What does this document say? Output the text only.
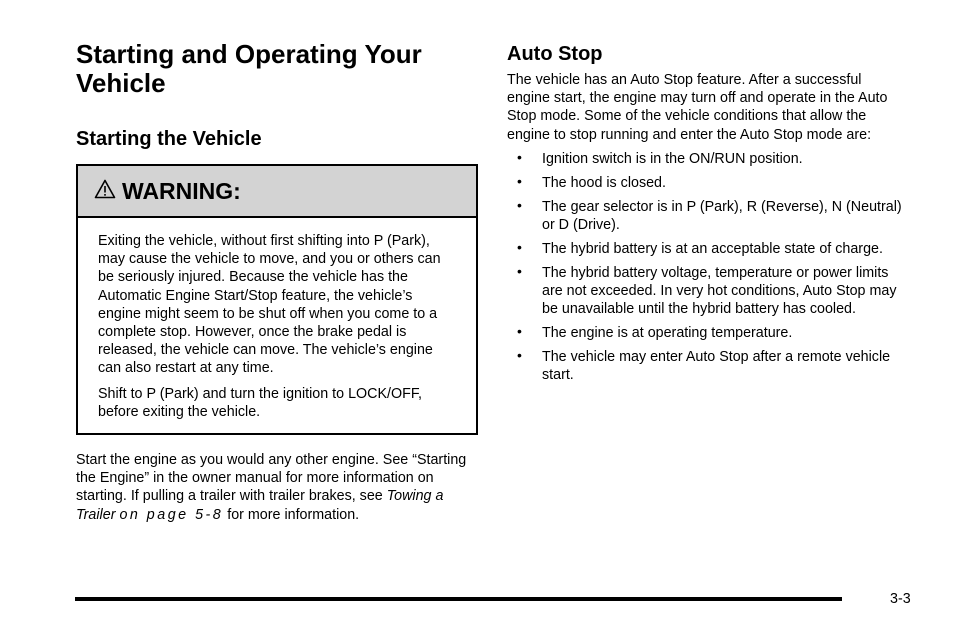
Starting and Operating Your Vehicle
Starting the Vehicle
WARNING:

Exiting the vehicle, without first shifting into P (Park), may cause the vehicle to move, and you or others can be seriously injured. Because the vehicle has the Automatic Engine Start/Stop feature, the vehicle’s engine might seem to be shut off when you come to a complete stop. However, once the brake pedal is released, the vehicle can move. The vehicle’s engine can also restart at any time.

Shift to P (Park) and turn the ignition to LOCK/OFF, before exiting the vehicle.

Start the engine as you would any other engine. See “Starting the Engine” in the owner manual for more information on starting. If pulling a trailer with trailer brakes, see Towing a Trailer on page 5-8 for more information.

Auto Stop

The vehicle has an Auto Stop feature. After a successful engine start, the engine may turn off and operate in the Auto Stop mode. Some of the vehicle conditions that allow the engine to stop running and enter the Auto Stop mode are:

• Ignition switch is in the ON/RUN position.
• The hood is closed.
• The gear selector is in P (Park), R (Reverse), N (Neutral) or D (Drive).
• The hybrid battery is at an acceptable state of charge.
• The hybrid battery voltage, temperature or power limits are not exceeded. In very hot conditions, Auto Stop may be unavailable until the hybrid battery has cooled.
• The engine is at operating temperature.
• The vehicle may enter Auto Stop after a remote vehicle start.
3-3
